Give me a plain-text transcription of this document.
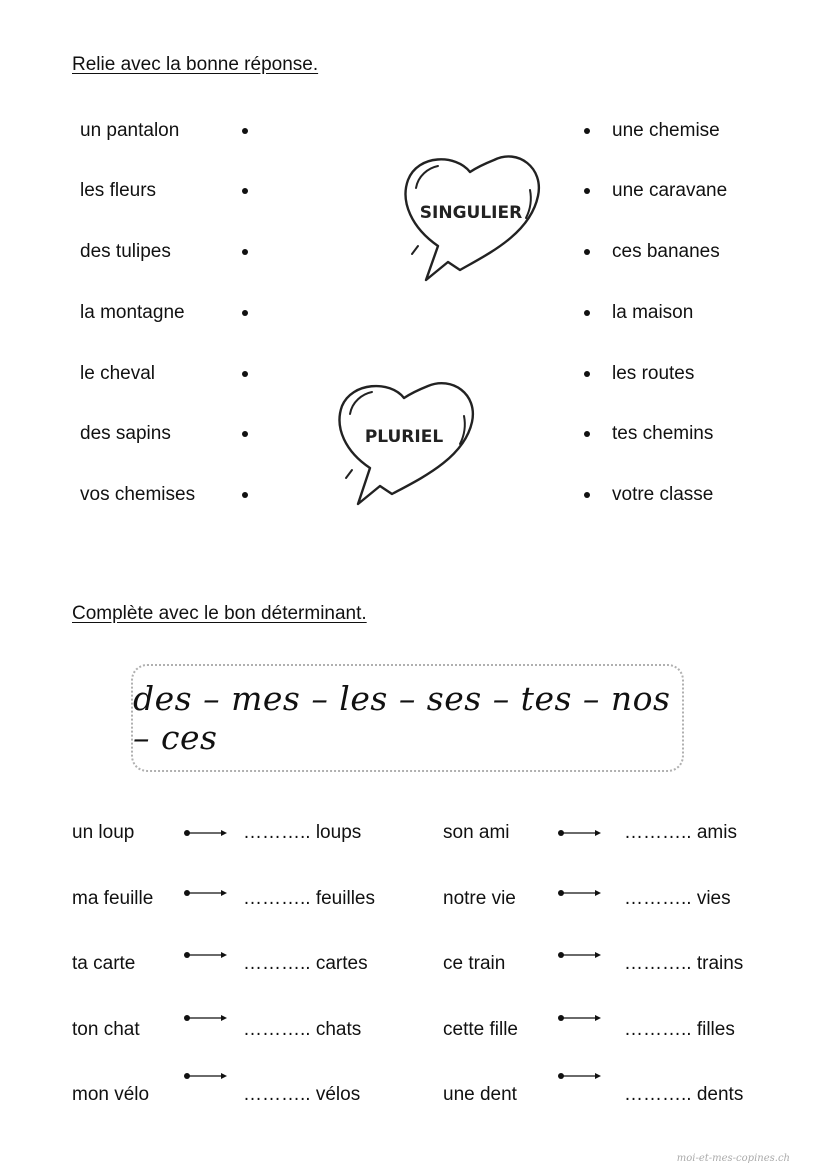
Relie avec la bonne réponse.
un pantalon
les fleurs
des tulipes
la montagne
le cheval
des sapins
vos chemises
une chemise
une caravane
ces bananes
la maison
les routes
tes chemins
votre classe
SINGULIER
PLURIEL
Complète avec le bon déterminant.
des – mes – les – ses – tes – nos – ces
un loup	……….. loups
ma feuille	……….. feuilles
ta carte	……….. cartes
ton chat	……….. chats
mon vélo	……….. vélos
son ami	……….. amis
notre vie	……….. vies
ce train	……….. trains
cette fille	……….. filles
une dent	……….. dents
moi-et-mes-copines.ch
